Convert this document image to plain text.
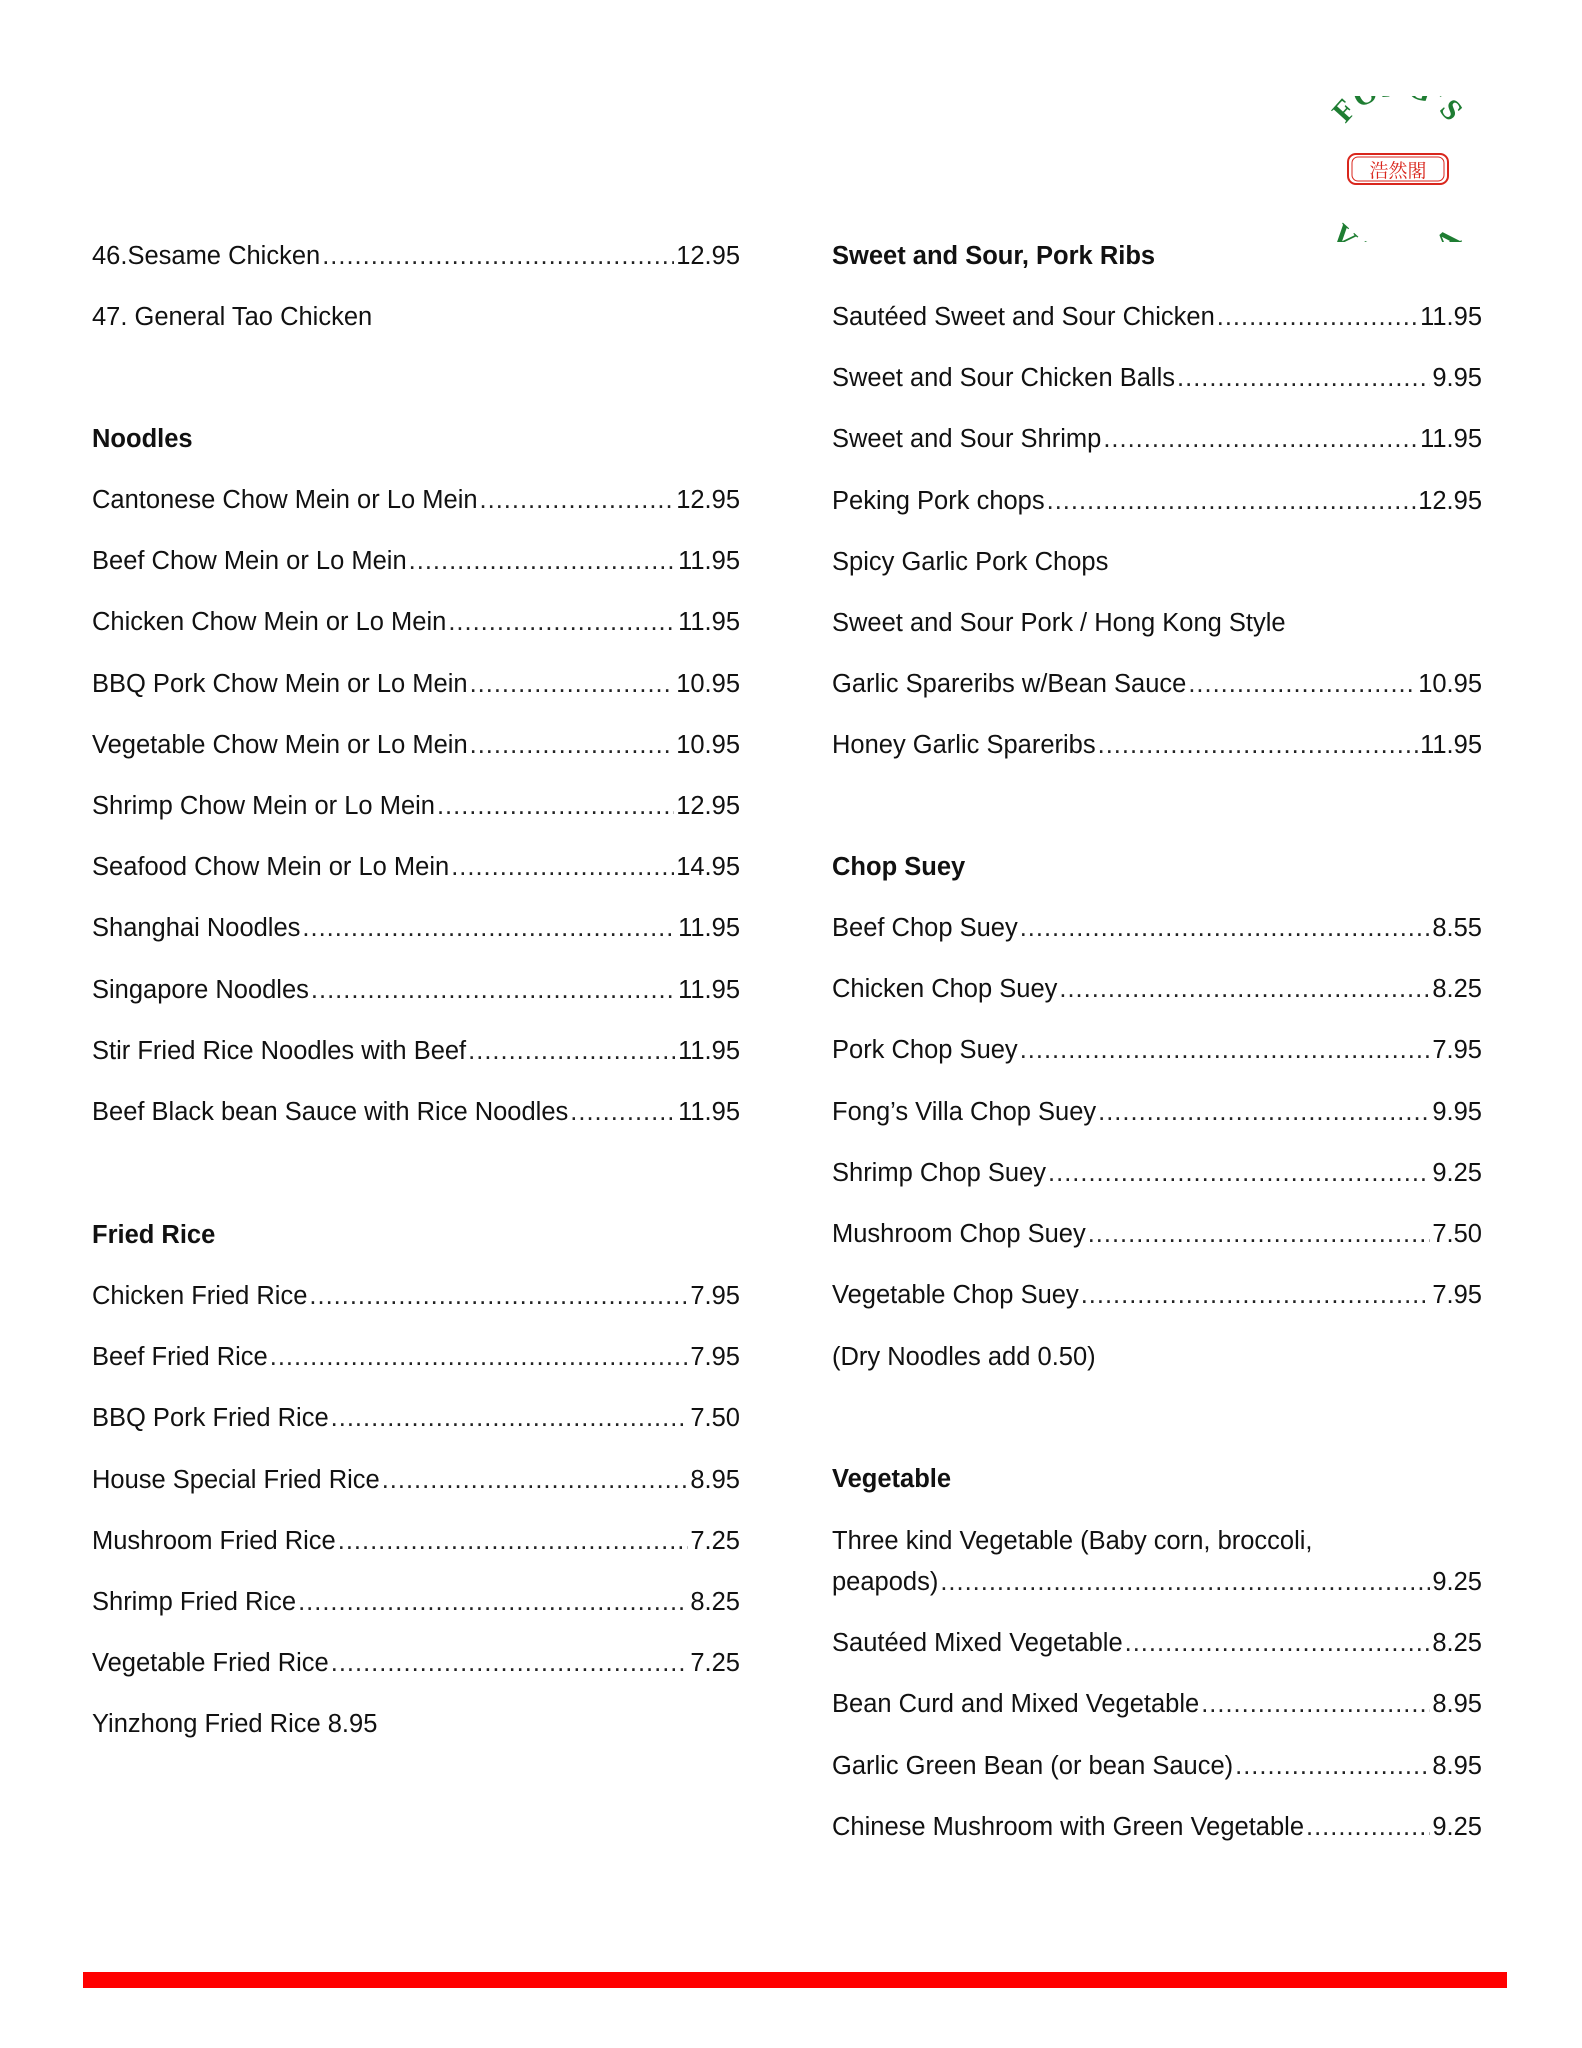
F 'S
V A
浩然閣
46.Sesame Chicken .....	12.95
47. General Tao Chicken
Noodles
Cantonese Chow Mein or Lo Mein .....	12.95
Beef Chow Mein or Lo Mein .....	11.95
Chicken Chow Mein or Lo Mein .....	11.95
BBQ Pork Chow Mein or Lo Mein .....	10.95
Vegetable Chow Mein or Lo Mein .....	10.95
Shrimp Chow Mein or Lo Mein .....	12.95
Seafood Chow Mein or Lo Mein .....	14.95
Shanghai Noodles .....	11.95
Singapore Noodles .....	11.95
Stir Fried Rice Noodles with Beef .....	11.95
Beef Black bean Sauce with Rice Noodles .....	11.95
Fried Rice
Chicken Fried Rice .....	7.95
Beef Fried Rice .....	7.95
BBQ Pork Fried Rice .....	7.50
House Special Fried Rice .....	8.95
Mushroom Fried Rice .....	7.25
Shrimp Fried Rice .....	8.25
Vegetable Fried Rice .....	7.25
Yinzhong Fried Rice 8.95
Sweet and Sour, Pork Ribs
Sautéed Sweet and Sour Chicken .....	11.95
Sweet and Sour Chicken Balls .....	9.95
Sweet and Sour Shrimp .....	11.95
Peking Pork chops .....	12.95
Spicy Garlic Pork Chops
Sweet and Sour Pork / Hong Kong Style
Garlic Spareribs w/Bean Sauce .....	10.95
Honey Garlic Spareribs .....	11.95
Chop Suey
Beef Chop Suey .....	8.55
Chicken Chop Suey .....	8.25
Pork Chop Suey .....	7.95
Fong’s Villa Chop Suey .....	9.95
Shrimp Chop Suey .....	9.25
Mushroom Chop Suey .....	7.50
Vegetable Chop Suey .....	7.95
(Dry Noodles add 0.50)
Vegetable
Three kind Vegetable (Baby corn, broccoli,
peapods) .....	9.25
Sautéed Mixed Vegetable .....	8.25
Bean Curd and Mixed Vegetable .....	8.95
Garlic Green Bean (or bean Sauce) .....	8.95
Chinese Mushroom with Green Vegetable .....	9.25
